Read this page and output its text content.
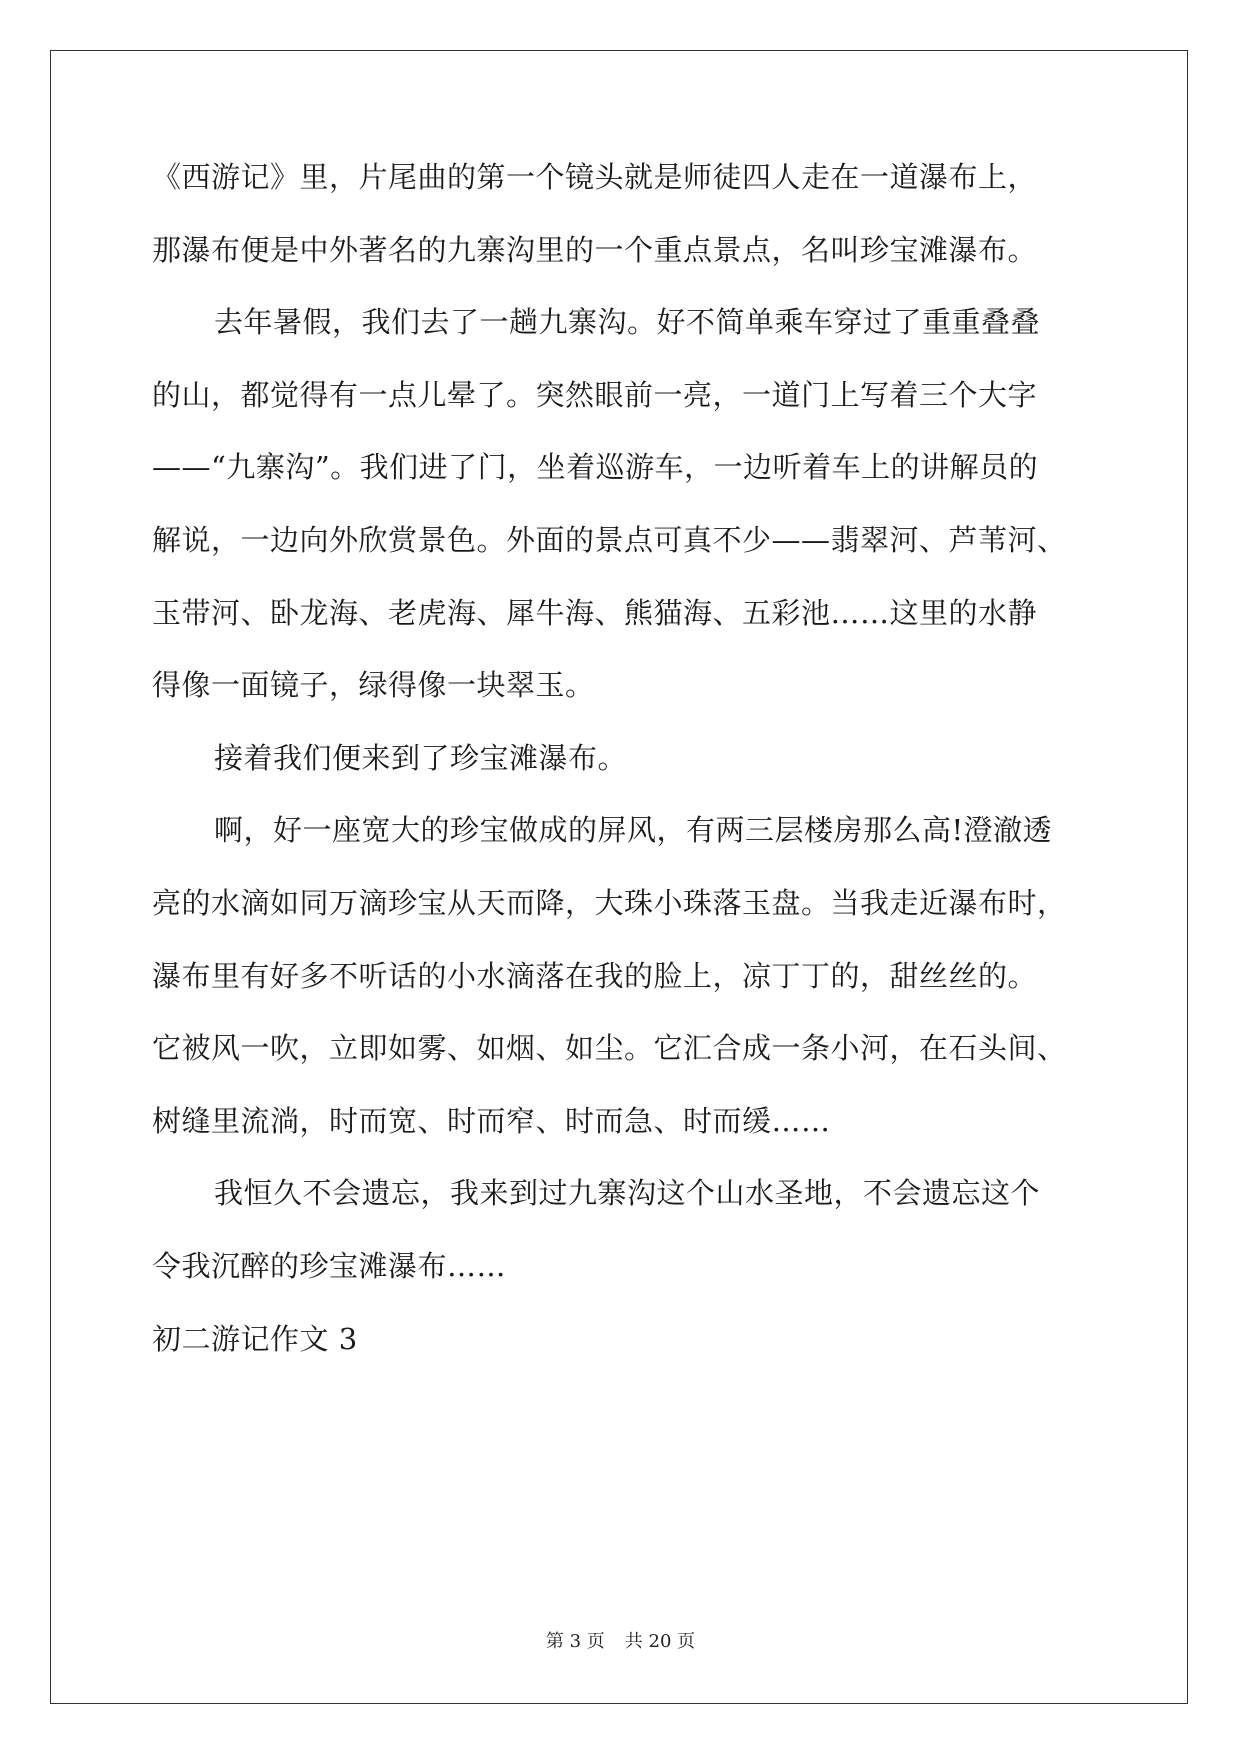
《西游记》里，片尾曲的第一个镜头就是师徒四人走在一道瀑布上，
那瀑布便是中外著名的九寨沟里的一个重点景点，名叫珍宝滩瀑布。
去年暑假，我们去了一趟九寨沟。好不简单乘车穿过了重重叠叠
的山，都觉得有一点儿晕了。突然眼前一亮，一道门上写着三个大字
——“九寨沟”。我们进了门，坐着巡游车，一边听着车上的讲解员的
解说，一边向外欣赏景色。外面的景点可真不少——翡翠河、芦苇河、
玉带河、卧龙海、老虎海、犀牛海、熊猫海、五彩池……这里的水静
得像一面镜子，绿得像一块翠玉。
接着我们便来到了珍宝滩瀑布。
啊，好一座宽大的珍宝做成的屏风，有两三层楼房那么高!澄澈透
亮的水滴如同万滴珍宝从天而降，大珠小珠落玉盘。当我走近瀑布时，
瀑布里有好多不听话的小水滴落在我的脸上，凉丁丁的，甜丝丝的。
它被风一吹，立即如雾、如烟、如尘。它汇合成一条小河，在石头间、
树缝里流淌，时而宽、时而窄、时而急、时而缓……
我恒久不会遗忘，我来到过九寨沟这个山水圣地，不会遗忘这个
令我沉醉的珍宝滩瀑布……
初二游记作文 3
第 3 页 共 20 页
